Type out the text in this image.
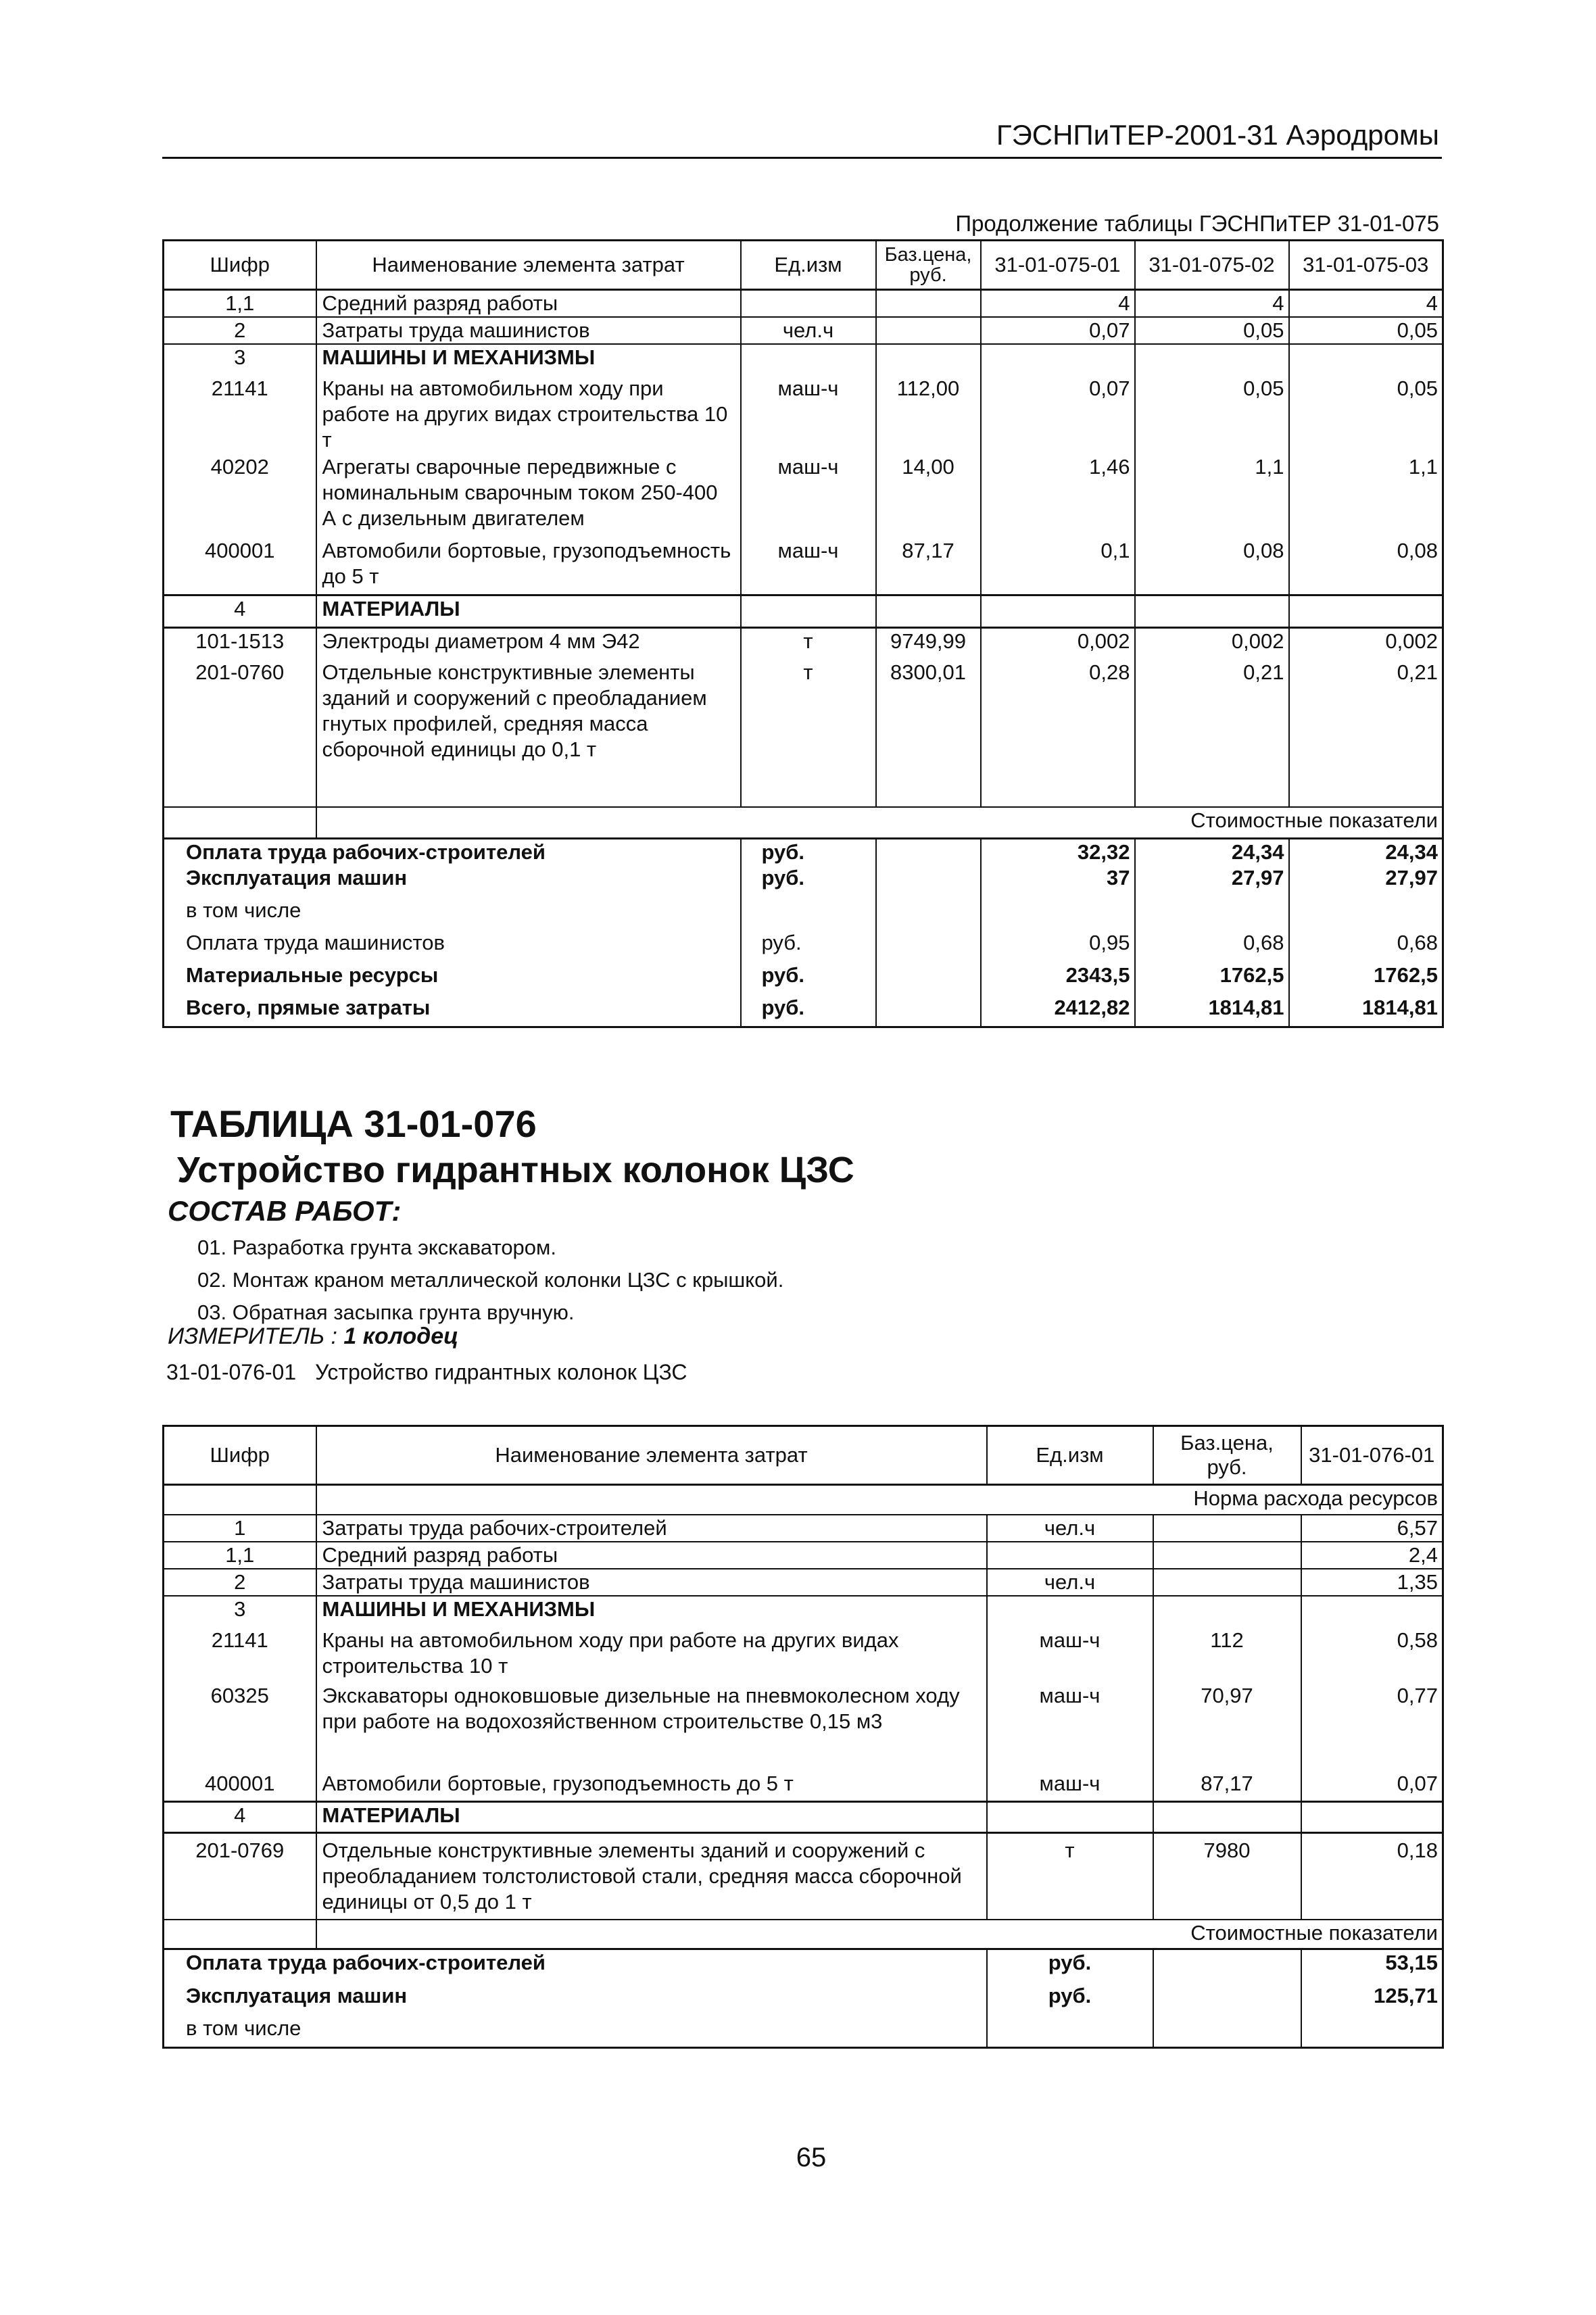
ГЭСНПиТЕР-2001-31 Аэродромы
Продолжение таблицы ГЭСНПиТЕР 31-01-075
Шифр	Наименование элемента затрат	Ед.изм	Баз.цена, руб.	31-01-075-01	31-01-075-02	31-01-075-03
1,1	Средний разряд работы			4	4	4
2	Затраты труда машинистов	чел.ч		0,07	0,05	0,05
3	МАШИНЫ И МЕХАНИЗМЫ					
21141	Краны на автомобильном ходу при работе на других видах строительства 10 т	маш-ч	112,00	0,07	0,05	0,05
40202	Агрегаты сварочные передвижные с номинальным сварочным током 250-400 А с дизельным двигателем	маш-ч	14,00	1,46	1,1	1,1
400001	Автомобили бортовые, грузоподъемность до 5 т	маш-ч	87,17	0,1	0,08	0,08
4	МАТЕРИАЛЫ					
101-1513	Электроды диаметром 4 мм Э42	т	9749,99	0,002	0,002	0,002
201-0760	Отдельные конструктивные элементы зданий и сооружений с преобладанием гнутых профилей, средняя масса сборочной единицы до 0,1 т	т	8300,01	0,28	0,21	0,21
	Стоимостные показатели					
Оплата труда рабочих-строителей		руб.		32,32	24,34	24,34
Эксплуатация машин		руб.		37	27,97	27,97
в том числе						
Оплата труда машинистов		руб.		0,95	0,68	0,68
Материальные ресурсы		руб.		2343,5	1762,5	1762,5
Всего, прямые затраты		руб.		2412,82	1814,81	1814,81
ТАБЛИЦА 31-01-076
Устройство гидрантных колонок ЦЗС
СОСТАВ РАБОТ:
01. Разработка грунта экскаватором.
02. Монтаж краном металлической колонки ЦЗС с крышкой.
03. Обратная засыпка грунта вручную.
ИЗМЕРИТЕЛЬ : 1 колодец
31-01-076-01 Устройство гидрантных колонок ЦЗС
Шифр	Наименование элемента затрат	Ед.изм	Баз.цена, руб.	31-01-076-01
	Норма расхода ресурсов			
1	Затраты труда рабочих-строителей	чел.ч		6,57
1,1	Средний разряд работы			2,4
2	Затраты труда машинистов	чел.ч		1,35
3	МАШИНЫ И МЕХАНИЗМЫ			
21141	Краны на автомобильном ходу при работе на других видах строительства 10 т	маш-ч	112	0,58
60325	Экскаваторы одноковшовые дизельные на пневмоколесном ходу при работе на водохозяйственном строительстве 0,15 м3	маш-ч	70,97	0,77
400001	Автомобили бортовые, грузоподъемность до 5 т	маш-ч	87,17	0,07
4	МАТЕРИАЛЫ			
201-0769	Отдельные конструктивные элементы зданий и сооружений с преобладанием толстолистовой стали, средняя масса сборочной единицы от 0,5 до 1 т	т	7980	0,18
	Стоимостные показатели			
Оплата труда рабочих-строителей		руб.		53,15
Эксплуатация машин		руб.		125,71
в том числе				
65
